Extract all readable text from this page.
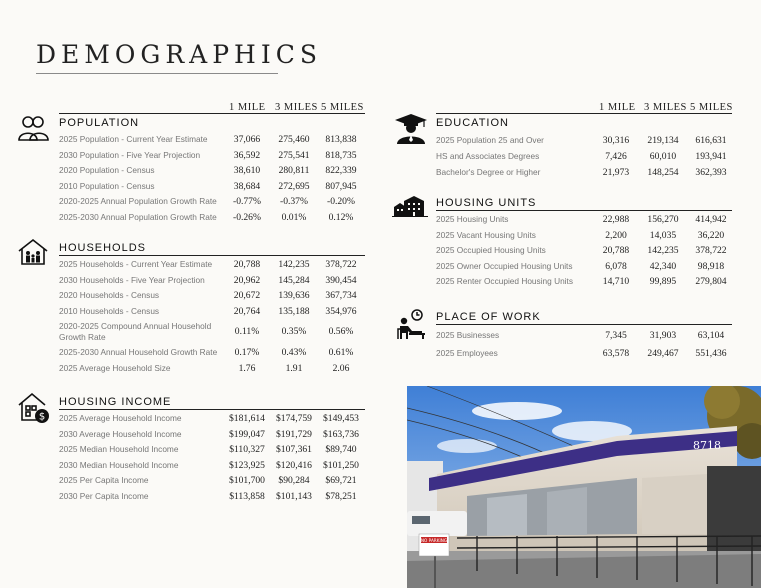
DEMOGRAPHICS
1 MILE 3 MILES 5 MILES	1 MILE 3 MILES 5 MILES
POPULATION
2025 Population - Current Year Estimate	37,066	275,460	813,838
2030 Population - Five Year Projection	36,592	275,541	818,735
2020 Population - Census	38,610	280,811	822,339
2010 Population - Census	38,684	272,695	807,945
2020-2025 Annual Population Growth Rate	-0.77%	-0.37%	-0.20%
2025-2030 Annual Population Growth Rate	-0.26%	0.01%	0.12%
HOUSEHOLDS
2025 Households - Current Year Estimate	20,788	142,235	378,722
2030 Households - Five Year Projection	20,962	145,284	390,454
2020 Households - Census	20,672	139,636	367,734
2010 Households - Census	20,764	135,188	354,976
2020-2025 Compound Annual Household Growth Rate	0.11%	0.35%	0.56%
2025-2030 Annual Household Growth Rate	0.17%	0.43%	0.61%
2025 Average Household Size	1.76	1.91	2.06
$
HOUSING INCOME
2025 Average Household Income	$181,614	$174,759	$149,453
2030 Average Household Income	$199,047	$191,729	$163,736
2025 Median Household Income	$110,327	$107,361	$89,740
2030 Median Household Income	$123,925	$120,416	$101,250
2025 Per Capita Income	$101,700	$90,284	$69,721
2030 Per Capita Income	$113,858	$101,143	$78,251
EDUCATION
2025 Population 25 and Over	30,316	219,134	616,631
HS and Associates Degrees	7,426	60,010	193,941
Bachelor's Degree or Higher	21,973	148,254	362,393
HOUSING UNITS
2025 Housing Units	22,988	156,270	414,942
2025 Vacant Housing Units	2,200	14,035	36,220
2025 Occupied Housing Units	20,788	142,235	378,722
2025 Owner Occupied Housing Units	6,078	42,340	98,918
2025 Renter Occupied Housing Units	14,710	99,895	279,804
PLACE OF WORK
2025 Businesses	7,345	31,903	63,104
2025 Employees	63,578	249,467	551,436
8718
NO PARKING
